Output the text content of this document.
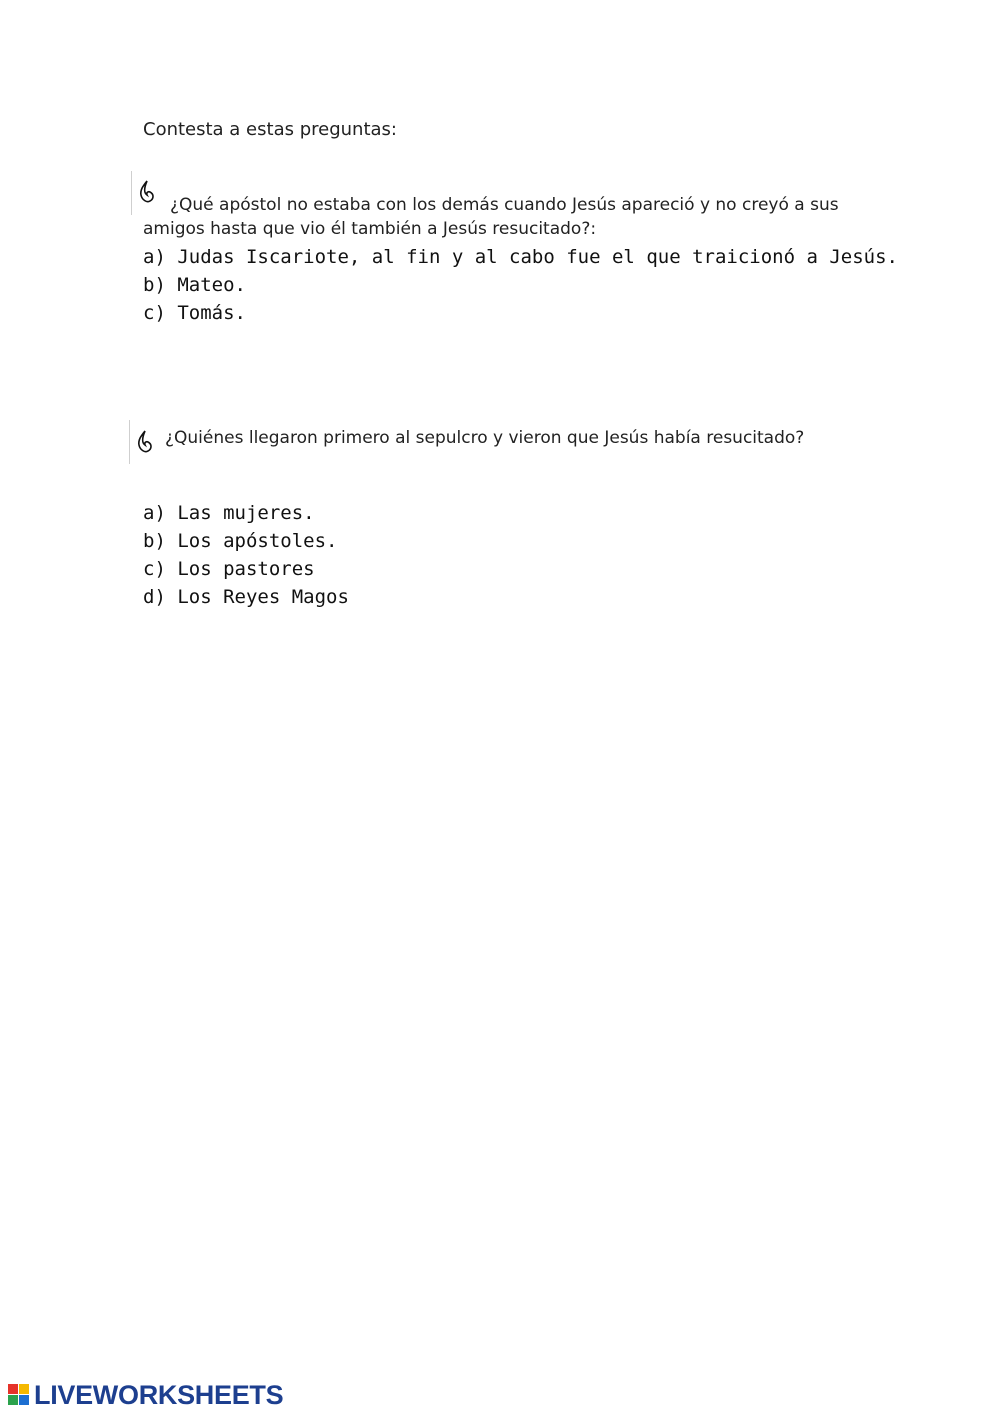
Contesta a estas preguntas:
¿Qué apóstol no estaba con los demás cuando Jesús apareció y no creyó a sus
amigos hasta que vio él también a Jesús resucitado?:
a) Judas Iscariote, al fin y al cabo fue el que traicionó a Jesús.
b) Mateo.
c) Tomás.
¿Quiénes llegaron primero al sepulcro y vieron que Jesús había resucitado?
a) Las mujeres.
b) Los apóstoles.
c) Los pastores
d) Los Reyes Magos
LIVEWORKSHEETS
